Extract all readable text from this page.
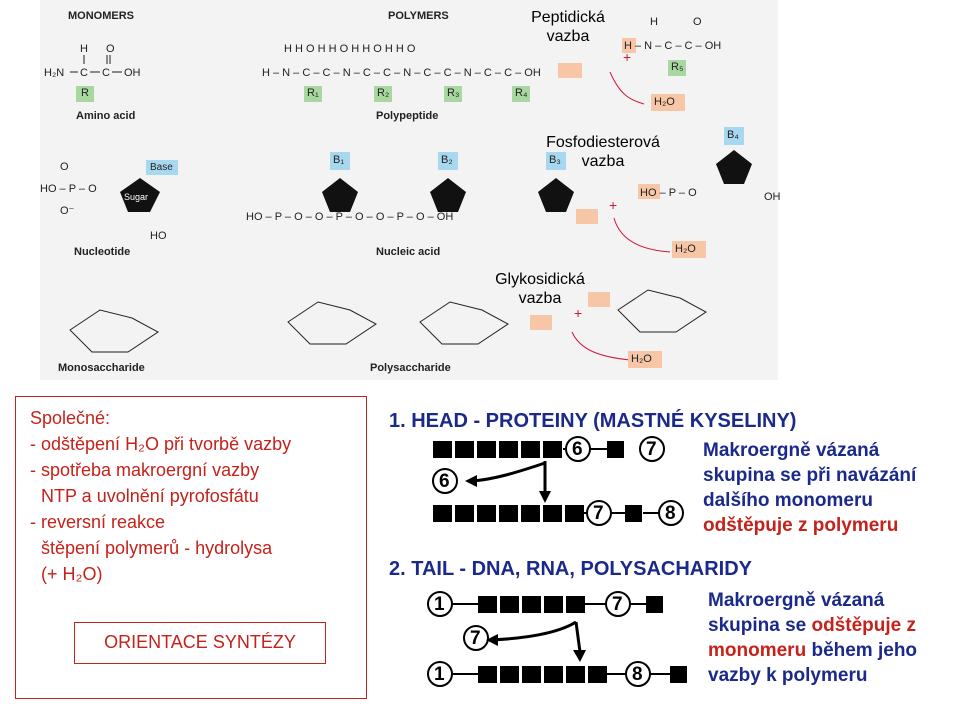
MONOMERS	POLYMERS
H O
H₂N C C OH	H – N – C – C – N – C – C – N – C – C – N – C – C – OH
H H O H H O H H O H H O	H – N – C – C – OH
H	O
+
O
HO – P – O
O⁻
Sugar
HO
HO – P – O – O – P – O – O – P – O – OH
HO – P – O	OH
+
+
Peptidická vazba
Fosfodiesterová vazba
Glykosidická vazba
Amino acid	Polypeptide
Nucleotide	Nucleic acid
Monosaccharide	Polysaccharide
Base
H₂O
H₂O
H₂O
R	R₁	R₂	R₃	R₄
R₅
B₁	B₂	B₃
B₄
Společné:
- odštěpení H₂O při tvorbě vazby
- spotřeba makroergní vazby
NTP a uvolnění pyrofosfátu
- reversní reakce
štěpení polymerů - hydrolysa
(+ H₂O)
ORIENTACE SYNTÉZY
1. HEAD - PROTEINY (MASTNÉ KYSELINY)
6	7
6
7	8
Makroergně vázaná
skupina se při navázání
dalšího monomeru
odštěpuje z polymeru
2. TAIL - DNA, RNA, POLYSACHARIDY
1	7
7
1	8
Makroergně vázaná
skupina se odštěpuje z
monomeru během jeho
vazby k polymeru
